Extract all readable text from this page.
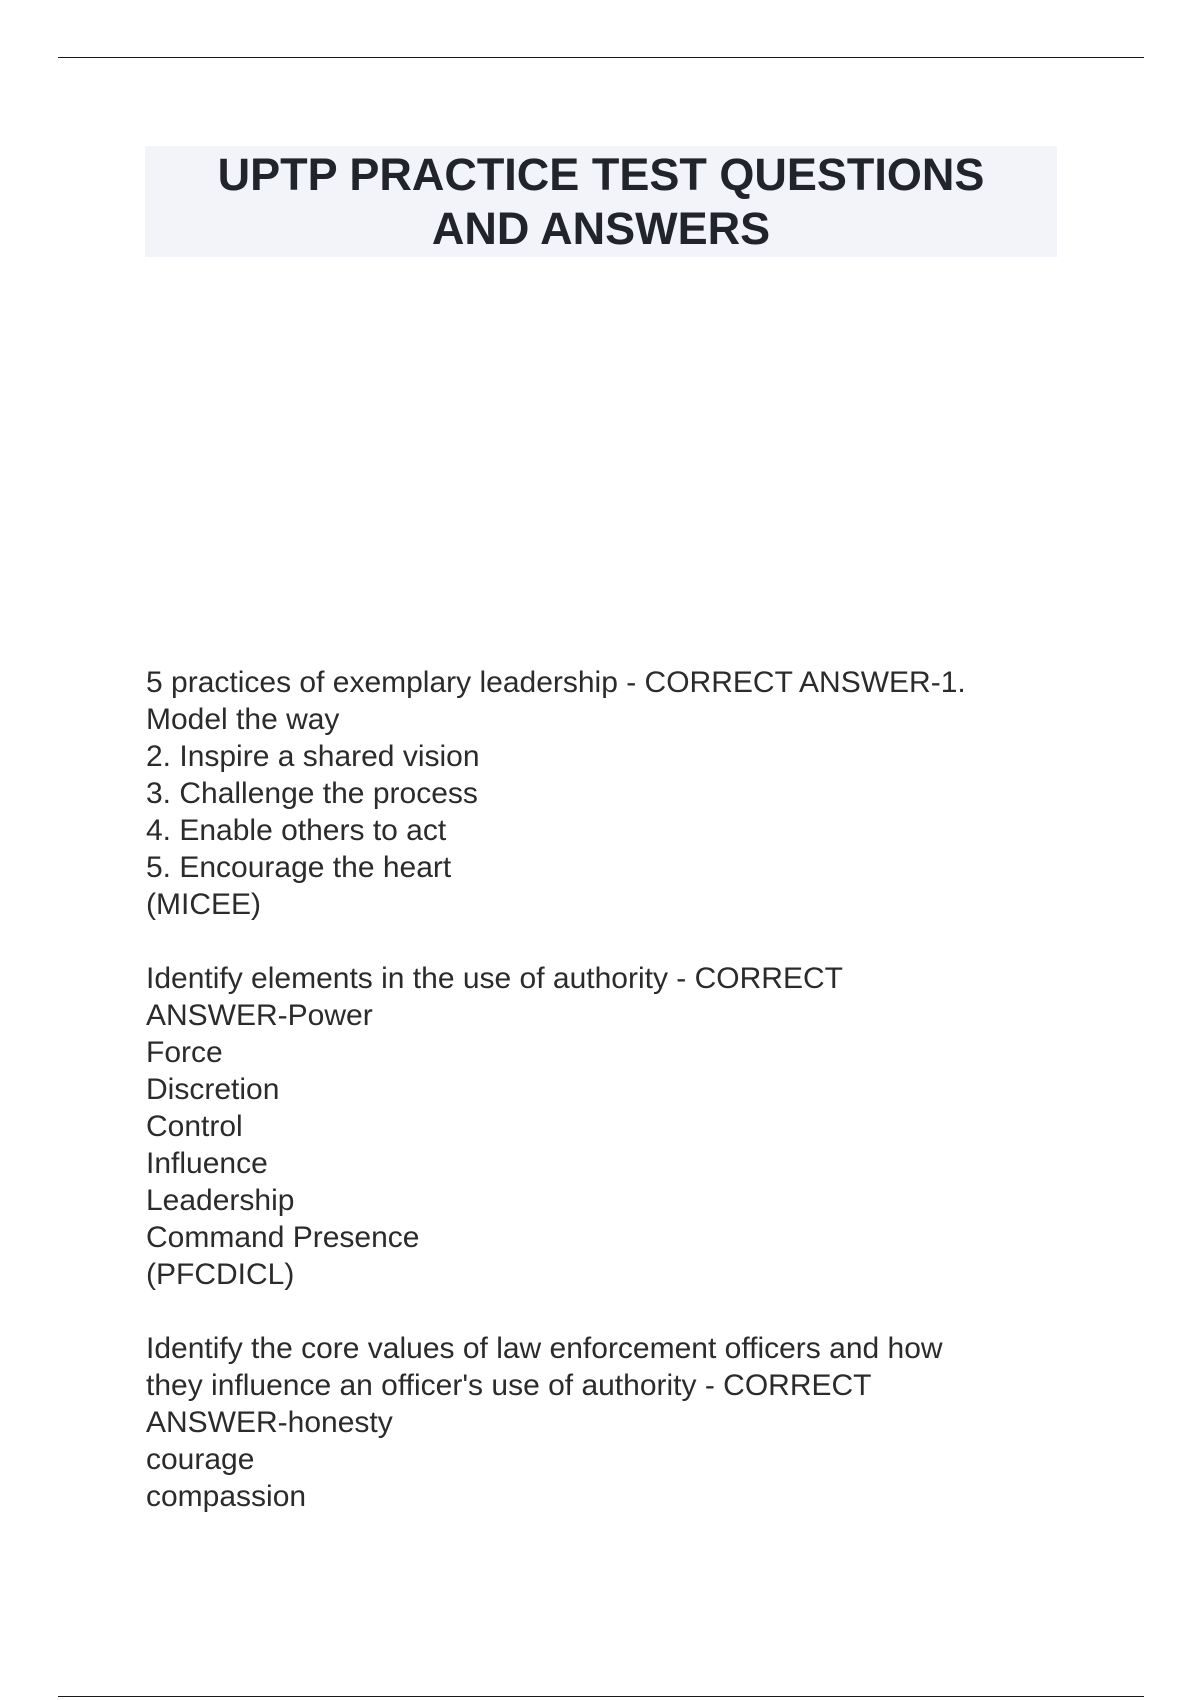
UPTP PRACTICE TEST QUESTIONS
AND ANSWERS
5 practices of exemplary leadership - CORRECT ANSWER-1.
Model the way
2. Inspire a shared vision
3. Challenge the process
4. Enable others to act
5. Encourage the heart
(MICEE)
Identify elements in the use of authority - CORRECT
ANSWER-Power
Force
Discretion
Control
Influence
Leadership
Command Presence
(PFCDICL)
Identify the core values of law enforcement officers and how
they influence an officer's use of authority - CORRECT
ANSWER-honesty
courage
compassion
